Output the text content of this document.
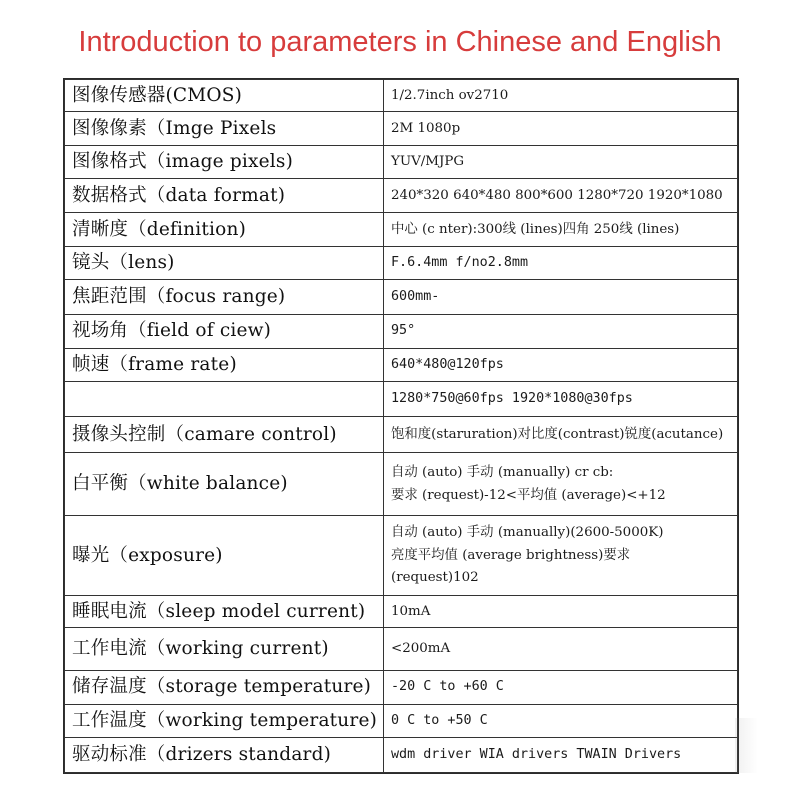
Introduction to parameters in Chinese and English
图像传感器(CMOS)	1/2.7inch ov2710

图像像素（Imge Pixels	2M 1080p

图像格式（image pixels)	YUV/MJPG

数据格式（data format)	240*320 640*480 800*600 1280*720 1920*1080

清晰度（definition)	中心 (c nter):300线 (lines)四角 250线 (lines)

镜头（lens)	F.6.4mm f/no2.8mm

焦距范围（focus range)	600mm-

视场角（field of ciew)	95°

帧速（frame rate)	640*480@120fps

	1280*750@60fps 1920*1080@30fps

摄像头控制（camare control)	饱和度(staruration)对比度(contrast)锐度(acutance)

白平衡（white balance)	自动 (auto) 手动 (manually) cr cb:
要求 (request)-12<平均值 (average)<+12

曝光（exposure)	自动 (auto) 手动 (manually)(2600-5000K)
亮度平均值 (average brightness)要求
(request)102

睡眠电流（sleep model current)	10mA

工作电流（working current)	<200mA

储存温度（storage temperature)	-20 C to +60 C

工作温度（working temperature)	0 C to +50 C

驱动标准（drizers standard)	wdm driver WIA drivers TWAIN Drivers
